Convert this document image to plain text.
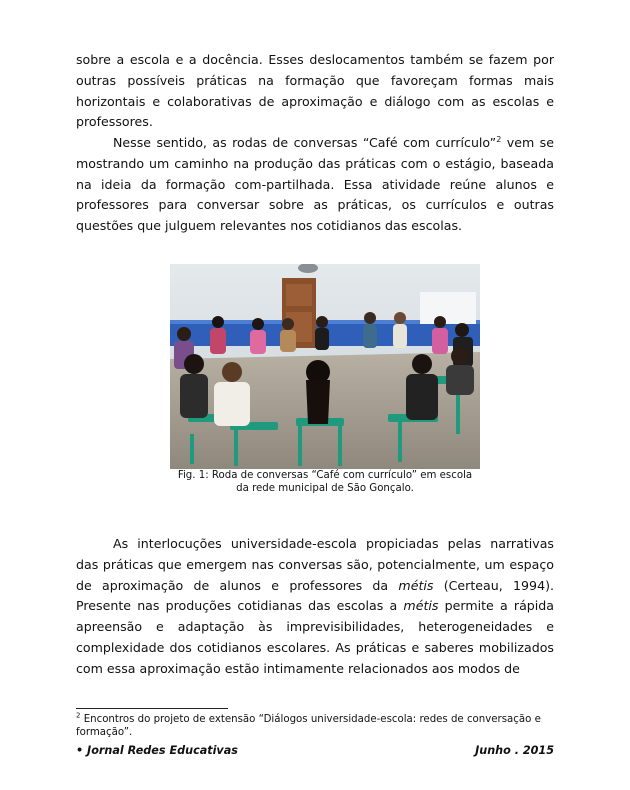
sobre a escola e a docência. Esses deslocamentos também se fazem por outras possíveis práticas na formação que favoreçam formas mais horizontais e colaborativas de aproximação e diálogo com as escolas e professores.

Nesse sentido, as rodas de conversas “Café com currículo”$^2$ vem se mostrando um caminho na produção das práticas com o estágio, baseada na ideia da formação com-partilhada. Essa atividade reúne alunos e professores para conversar sobre as práticas, os currículos e outras questões que julguem relevantes nos cotidianos das escolas.

Fig. 1: Roda de conversas “Café com currículo” em escola
da rede municipal de São Gonçalo.

As interlocuções universidade-escola propiciadas pelas narrativas das práticas que emergem nas conversas são, potencialmente, um espaço de aproximação de alunos e professores da métis (Certeau, 1994). Presente nas produções cotidianas das escolas a métis permite a rápida apreensão e adaptação às imprevisibilidades, heterogeneidades e complexidade dos cotidianos escolares. As práticas e saberes mobilizados com essa aproximação estão intimamente relacionados aos modos de

$^2$ Encontros do projeto de extensão “Diálogos universidade-escola: redes de conversação e formação”.
• Jornal Redes Educativas	Junho . 2015
